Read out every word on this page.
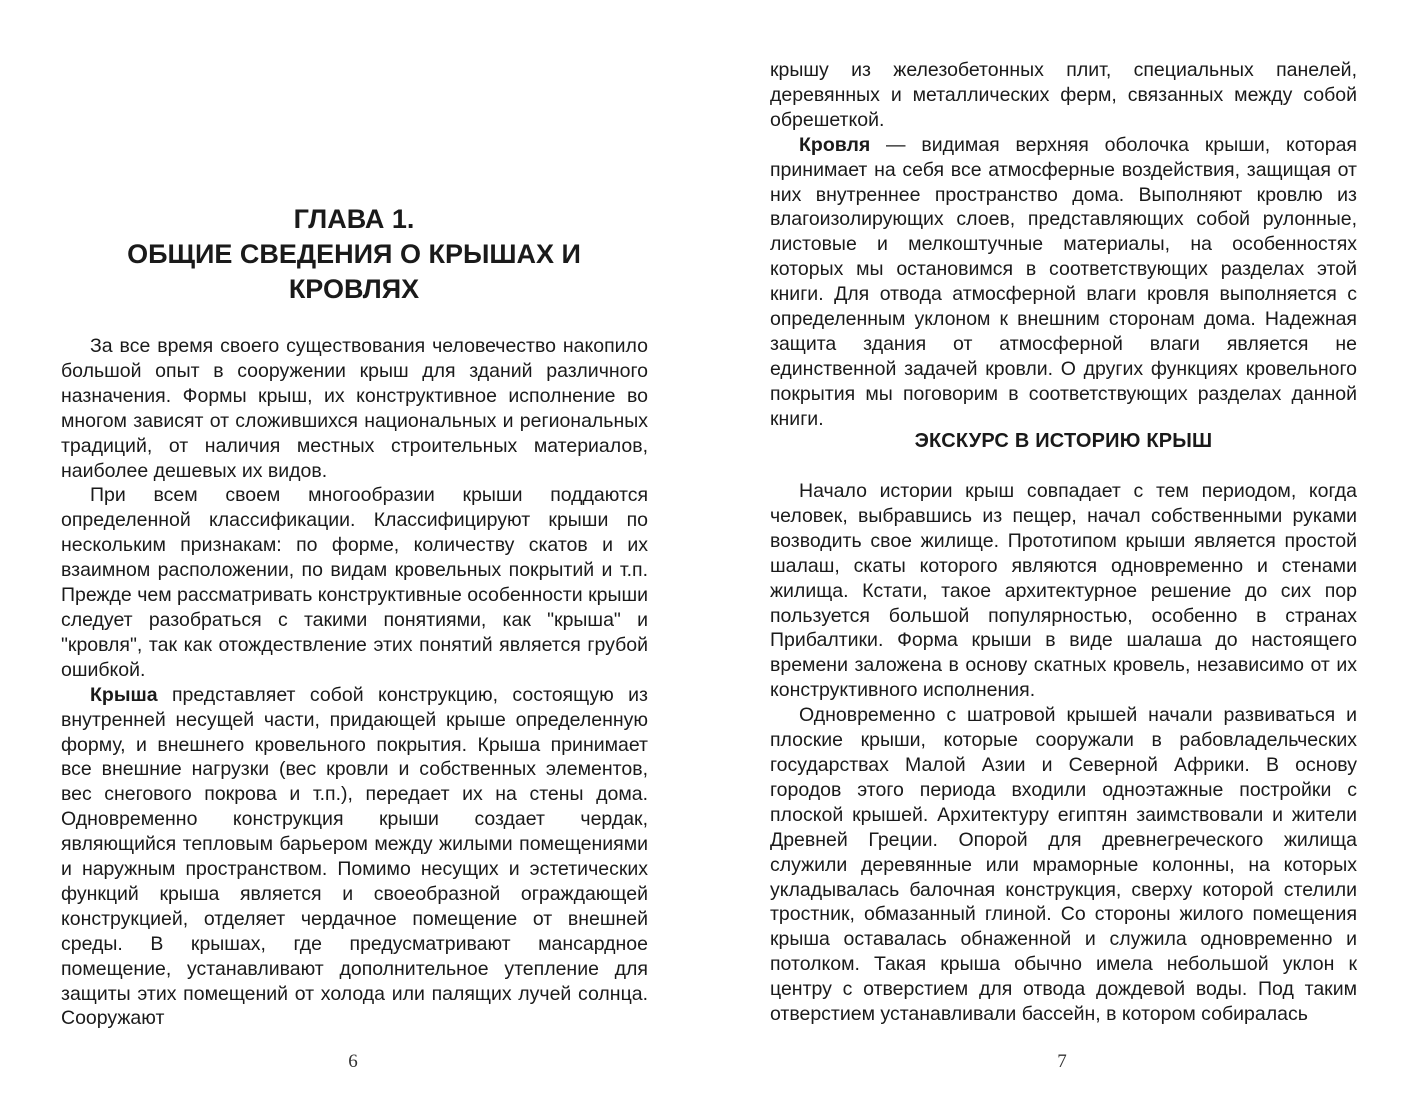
ГЛАВА 1.
ОБЩИЕ СВЕДЕНИЯ О КРЫШАХ И
КРОВЛЯХ

За все время своего существования человечество накопило большой опыт в сооружении крыш для зданий различного назначения. Формы крыш, их конструктивное исполнение во многом зависят от сложившихся национальных и региональных традиций, от наличия местных строительных материалов, наиболее дешевых их видов.

При всем своем многообразии крыши поддаются определенной классификации. Классифицируют крыши по нескольким признакам: по форме, количеству скатов и их взаимном расположении, по видам кровельных покрытий и т.п. Прежде чем рассматривать конструктивные особенности крыши следует разобраться с такими понятиями, как "крыша" и "кровля", так как отождествление этих понятий является грубой ошибкой.

Крыша представляет собой конструкцию, состоящую из внутренней несущей части, придающей крыше определенную форму, и внешнего кровельного покрытия. Крыша принимает все внешние нагрузки (вес кровли и собственных элементов, вес снегового покрова и т.п.), передает их на стены дома. Одновременно конструкция крыши создает чердак, являющийся тепловым барьером между жилыми помещениями и наружным пространством. Помимо несущих и эстетических функций крыша является и своеобразной ограждающей конструкцией, отделяет чердачное помещение от внешней среды. В крышах, где предусматривают мансардное помещение, устанавливают дополнительное утепление для защиты этих помещений от холода или палящих лучей солнца. Сооружают

6

крышу из железобетонных плит, специальных панелей, деревянных и металлических ферм, связанных между собой обрешеткой.

Кровля — видимая верхняя оболочка крыши, которая принимает на себя все атмосферные воздействия, защищая от них внутреннее пространство дома. Выполняют кровлю из влагоизолирующих слоев, представляющих собой рулонные, листовые и мелкоштучные материалы, на особенностях которых мы остановимся в соответствующих разделах этой книги. Для отвода атмосферной влаги кровля выполняется с определенным уклоном к внешним сторонам дома. Надежная защита здания от атмосферной влаги является не единственной задачей кровли. О других функциях кровельного покрытия мы поговорим в соответствующих разделах данной книги.

ЭКСКУРС В ИСТОРИЮ КРЫШ

Начало истории крыш совпадает с тем периодом, когда человек, выбравшись из пещер, начал собственными руками возводить свое жилище. Прототипом крыши является простой шалаш, скаты которого являются одновременно и стенами жилища. Кстати, такое архитектурное решение до сих пор пользуется большой популярностью, особенно в странах Прибалтики. Форма крыши в виде шалаша до настоящего времени заложена в основу скатных кровель, независимо от их конструктивного исполнения.

Одновременно с шатровой крышей начали развиваться и плоские крыши, которые сооружали в рабовладельческих государствах Малой Азии и Северной Африки. В основу городов этого периода входили одноэтажные постройки с плоской крышей. Архитектуру египтян заимствовали и жители Древней Греции. Опорой для древнегреческого жилища служили деревянные или мраморные колонны, на которых укладывалась балочная конструкция, сверху которой стелили тростник, обмазанный глиной. Со стороны жилого помещения крыша оставалась обнаженной и служила одновременно и потолком. Такая крыша обычно имела небольшой уклон к центру с отверстием для отвода дождевой воды. Под таким отверстием устанавливали бассейн, в котором собиралась

7
